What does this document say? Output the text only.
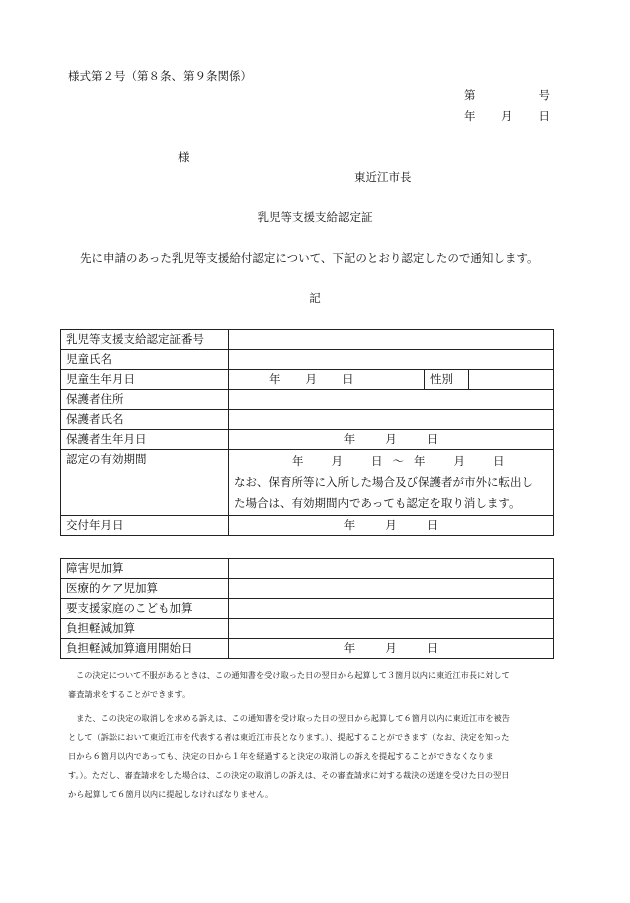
様式第２号（第８条、第９条関係）
第	号
年 月 日
様
東近江市長
乳児等支援支給認定証
先に申請のあった乳児等支援給付認定について、下記のとおり認定したので通知します。
記
乳児等支援支給認定証番号			
児童氏名			
児童生年月日	年 月 日	性別	
保護者住所			
保護者氏名			
保護者生年月日	年 月 日		
認定の有効期間	年 月 日 ～ 年 月 日
なお、保育所等に入所した場合及び保護者が市外に転出し
た場合は、有効期間内であっても認定を取り消します。		

交付年月日	年 月 日		
障害児加算	
医療的ケア児加算	
要支援家庭のこども加算	
負担軽減加算	
負担軽減加算適用開始日	年 月 日
この決定について不服があるときは、この通知書を受け取った日の翌日から起算して３箇月以内に東近江市長に対して
審査請求をすることができます。
また、この決定の取消しを求める訴えは、この通知書を受け取った日の翌日から起算して６箇月以内に東近江市を被告
として（訴訟において東近江市を代表する者は東近江市長となります。）、提起することができます（なお、決定を知った
日から６箇月以内であっても、決定の日から１年を経過すると決定の取消しの訴えを提起することができなくなりま
す。）。ただし、審査請求をした場合は、この決定の取消しの訴えは、その審査請求に対する裁決の送達を受けた日の翌日
から起算して６箇月以内に提起しなければなりません。
